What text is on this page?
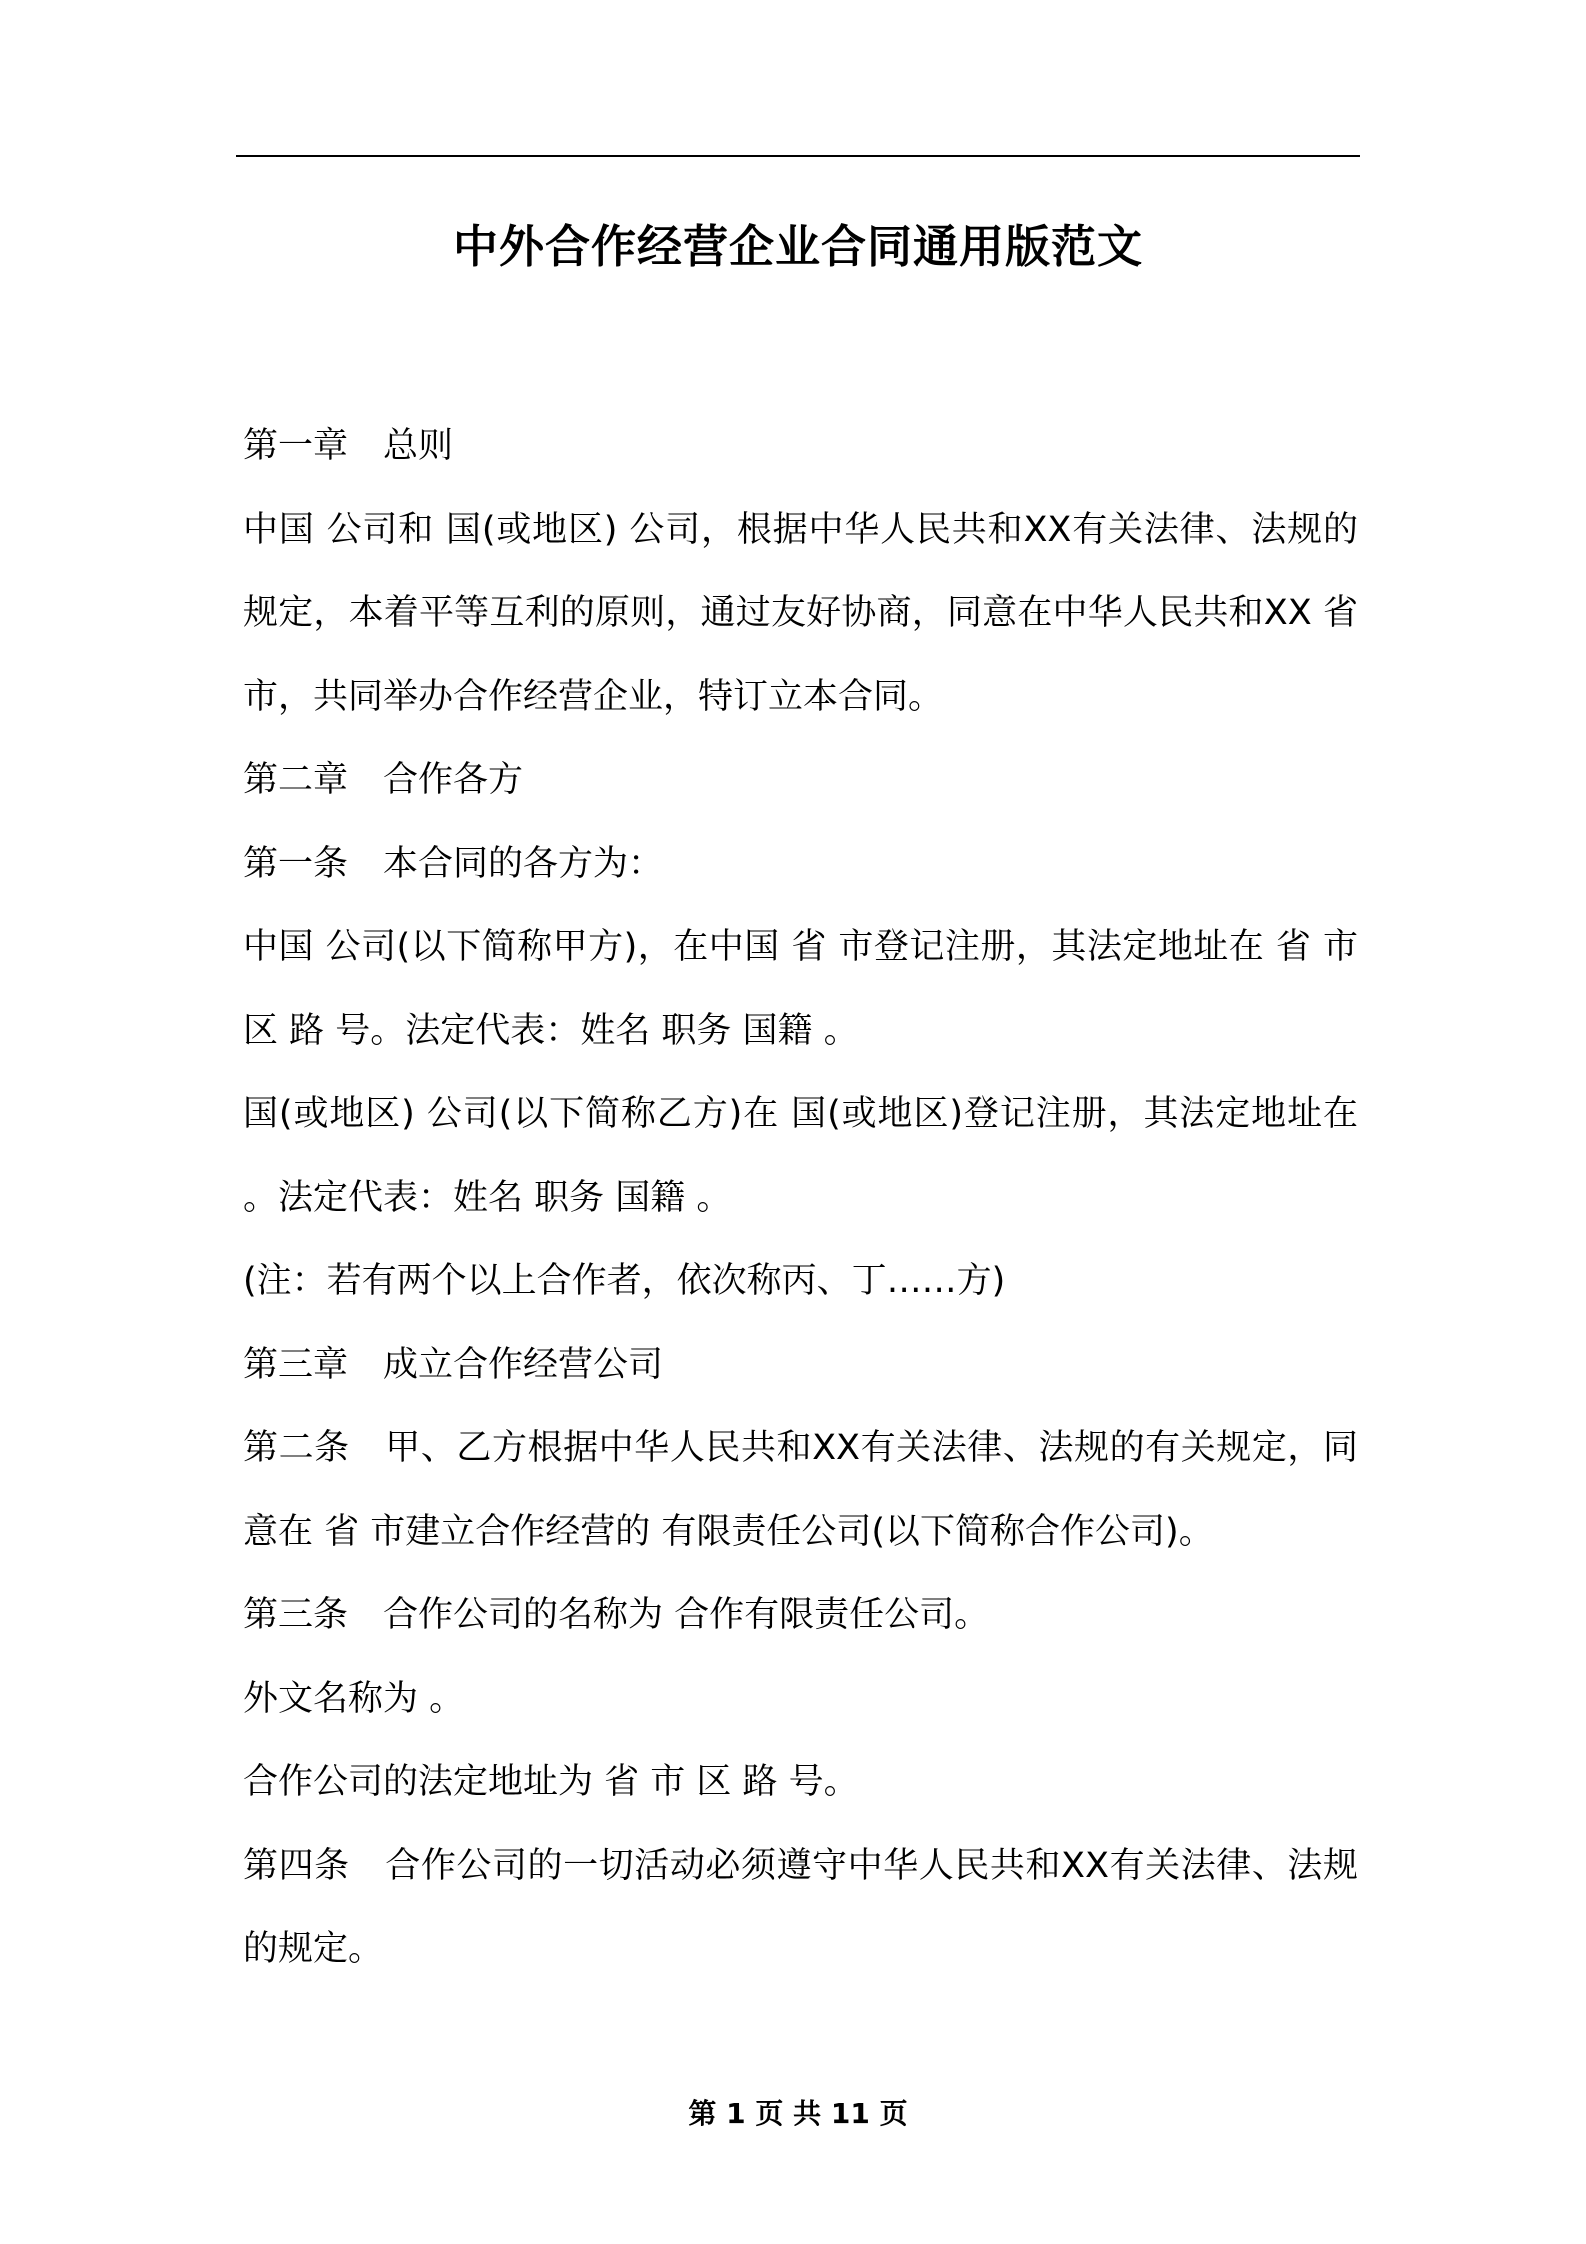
中外合作经营企业合同通用版范文

第一章　总则

中国 公司和 国(或地区) 公司，根据中华人民共和XX有关法律、法规的规定，本着平等互利的原则，通过友好协商，同意在中华人民共和XX 省 市，共同举办合作经营企业，特订立本合同。

第二章　合作各方

第一条　本合同的各方为：

中国 公司(以下简称甲方)，在中国 省 市登记注册，其法定地址在 省 市 区 路 号。法定代表：姓名 职务 国籍 。

国(或地区) 公司(以下简称乙方)在 国(或地区)登记注册，其法定地址在 。法定代表：姓名 职务 国籍 。

(注：若有两个以上合作者，依次称丙、丁……方)

第三章　成立合作经营公司

第二条　甲、乙方根据中华人民共和XX有关法律、法规的有关规定，同意在 省 市建立合作经营的 有限责任公司(以下简称合作公司)。

第三条　合作公司的名称为 合作有限责任公司。

外文名称为 。

合作公司的法定地址为 省 市 区 路 号。

第四条　合作公司的一切活动必须遵守中华人民共和XX有关法律、法规的规定。

第 1 页 共 11 页
